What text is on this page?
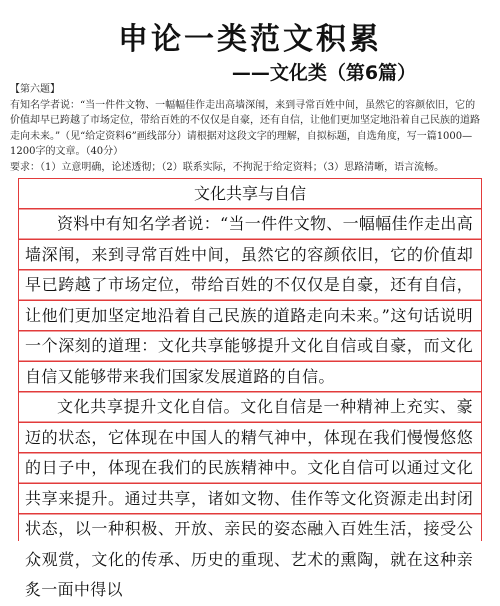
申论一类范文积累
——文化类（第6篇）

【第六题】

有知名学者说：“当一件件文物、一幅幅佳作走出高墙深闱，来到寻常百姓中间，虽然它的容颜依旧，它的价值却早已跨越了市场定位，带给百姓的不仅仅是自豪，还有自信，让他们更加坚定地沿着自己民族的道路走向未来。”（见“给定资料6”画线部分）请根据对这段文字的理解，自拟标题，自选角度，写一篇1000—1200字的文章。（40分）

要求：（1）立意明确，论述透彻；（2）联系实际，不拘泥于给定资料；（3）思路清晰，语言流畅。

文化共享与自信

资料中有知名学者说：“当一件件文物、一幅幅佳作走出高墙深闱，来到寻常百姓中间，虽然它的容颜依旧，它的价值却早已跨越了市场定位，带给百姓的不仅仅是自豪，还有自信，让他们更加坚定地沿着自己民族的道路走向未来。”这句话说明一个深刻的道理：文化共享能够提升文化自信或自豪，而文化自信又能够带来我们国家发展道路的自信。

文化共享提升文化自信。文化自信是一种精神上充实、豪迈的状态，它体现在中国人的精气神中，体现在我们慢慢悠悠的日子中，体现在我们的民族精神中。文化自信可以通过文化共享来提升。通过共享，诸如文物、佳作等文化资源走出封闭状态，以一种积极、开放、亲民的姿态融入百姓生活，接受公众观赏，文化的传承、历史的重现、艺术的熏陶，就在这种亲炙一面中得以
